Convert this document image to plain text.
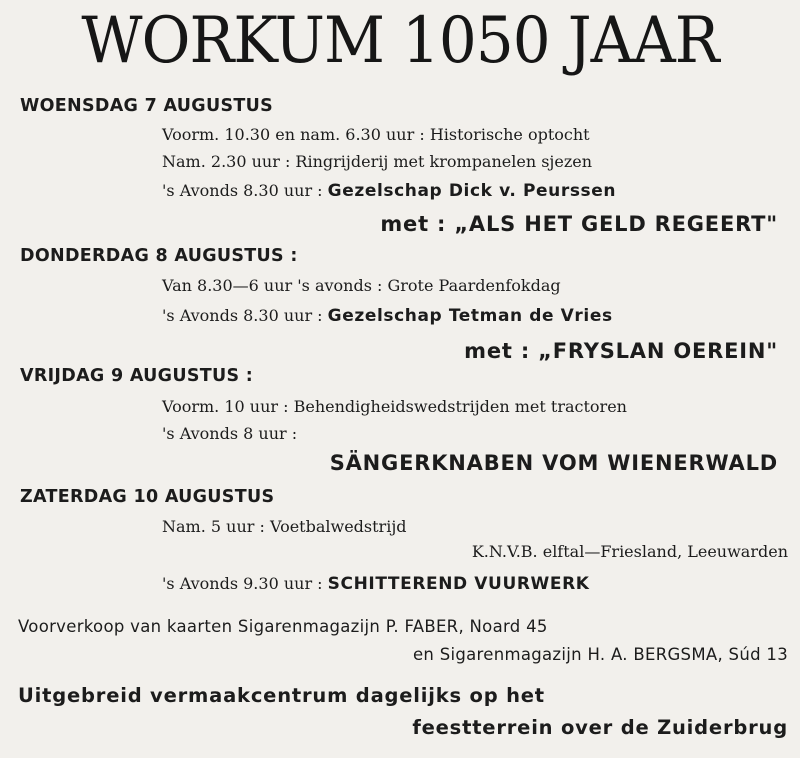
WORKUM 1050 JAAR
WOENSDAG 7 AUGUSTUS
Voorm. 10.30 en nam. 6.30 uur : Historische optocht
Nam. 2.30 uur : Ringrijderij met krompanelen sjezen
's Avonds 8.30 uur : Gezelschap Dick v. Peurssen
met : „ALS HET GELD REGEERT"
DONDERDAG 8 AUGUSTUS :
Van 8.30—6 uur 's avonds : Grote Paardenfokdag
's Avonds 8.30 uur : Gezelschap Tetman de Vries
met : „FRYSLAN OEREIN"
VRIJDAG 9 AUGUSTUS :
Voorm. 10 uur : Behendigheidswedstrijden met tractoren
's Avonds 8 uur :
SÄNGERKNABEN VOM WIENERWALD
ZATERDAG 10 AUGUSTUS
Nam. 5 uur : Voetbalwedstrijd
K.N.V.B. elftal—Friesland, Leeuwarden
's Avonds 9.30 uur : SCHITTEREND VUURWERK
Voorverkoop van kaarten Sigarenmagazijn P. FABER, Noard 45
en Sigarenmagazijn H. A. BERGSMA, Súd 13
Uitgebreid vermaakcentrum dagelijks op het
feestterrein over de Zuiderbrug
